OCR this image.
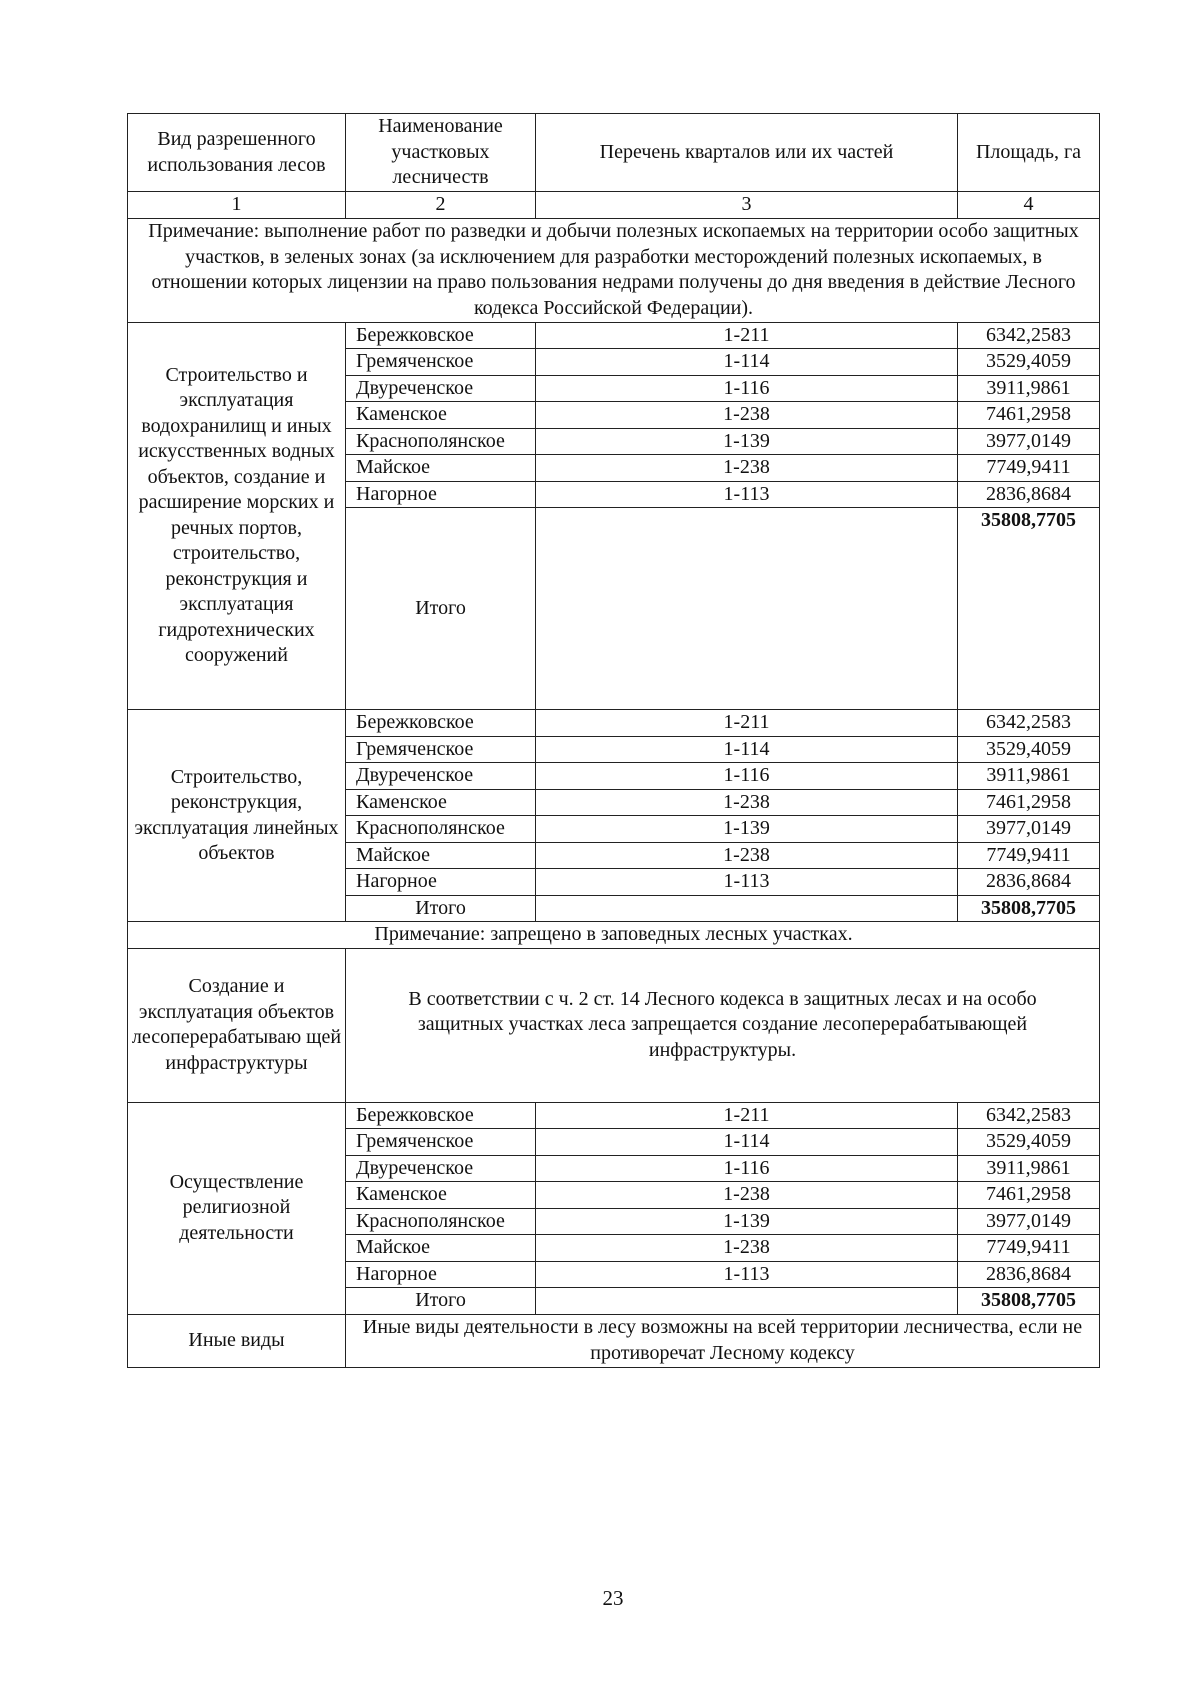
Вид разрешенного использования лесов	Наименование участковых лесничеств	Перечень кварталов или их частей	Площадь, га
1	2	3	4
Примечание: выполнение работ по разведки и добычи полезных ископаемых на территории особо защитных участков, в зеленых зонах (за исключением для разработки месторождений полезных ископаемых, в отношении которых лицензии на право пользования недрами получены до дня введения в действие Лесного кодекса Российской Федерации).			
Строительство и эксплуатация водохранилищ и иных искусственных водных объектов, создание и расширение морских и речных портов, строительство, реконструкция и эксплуатация гидротехнических сооружений	Бережковское	1-211	6342,2583
	Гремяченское	1-114	3529,4059
	Двуреченское	1-116	3911,9861
	Каменское	1-238	7461,2958
	Краснополянское	1-139	3977,0149
	Майское	1-238	7749,9411
	Нагорное	1-113	2836,8684
	Итого		35808,7705
Строительство, реконструкция, эксплуатация линейных объектов	Бережковское	1-211	6342,2583
	Гремяченское	1-114	3529,4059
	Двуреченское	1-116	3911,9861
	Каменское	1-238	7461,2958
	Краснополянское	1-139	3977,0149
	Майское	1-238	7749,9411
	Нагорное	1-113	2836,8684
	Итого		35808,7705
Примечание: запрещено в заповедных лесных участках.			
Создание и эксплуатация объектов лесоперерабатываю щей инфраструктуры	В соответствии с ч. 2 ст. 14 Лесного кодекса в защитных лесах и на особо защитных участках леса запрещается создание лесоперерабатывающей инфраструктуры.		
Осуществление религиозной деятельности	Бережковское	1-211	6342,2583
	Гремяченское	1-114	3529,4059
	Двуреченское	1-116	3911,9861
	Каменское	1-238	7461,2958
	Краснополянское	1-139	3977,0149
	Майское	1-238	7749,9411
	Нагорное	1-113	2836,8684
	Итого		35808,7705
Иные виды	Иные виды деятельности в лесу возможны на всей территории лесничества, если не противоречат Лесному кодексу		
23
